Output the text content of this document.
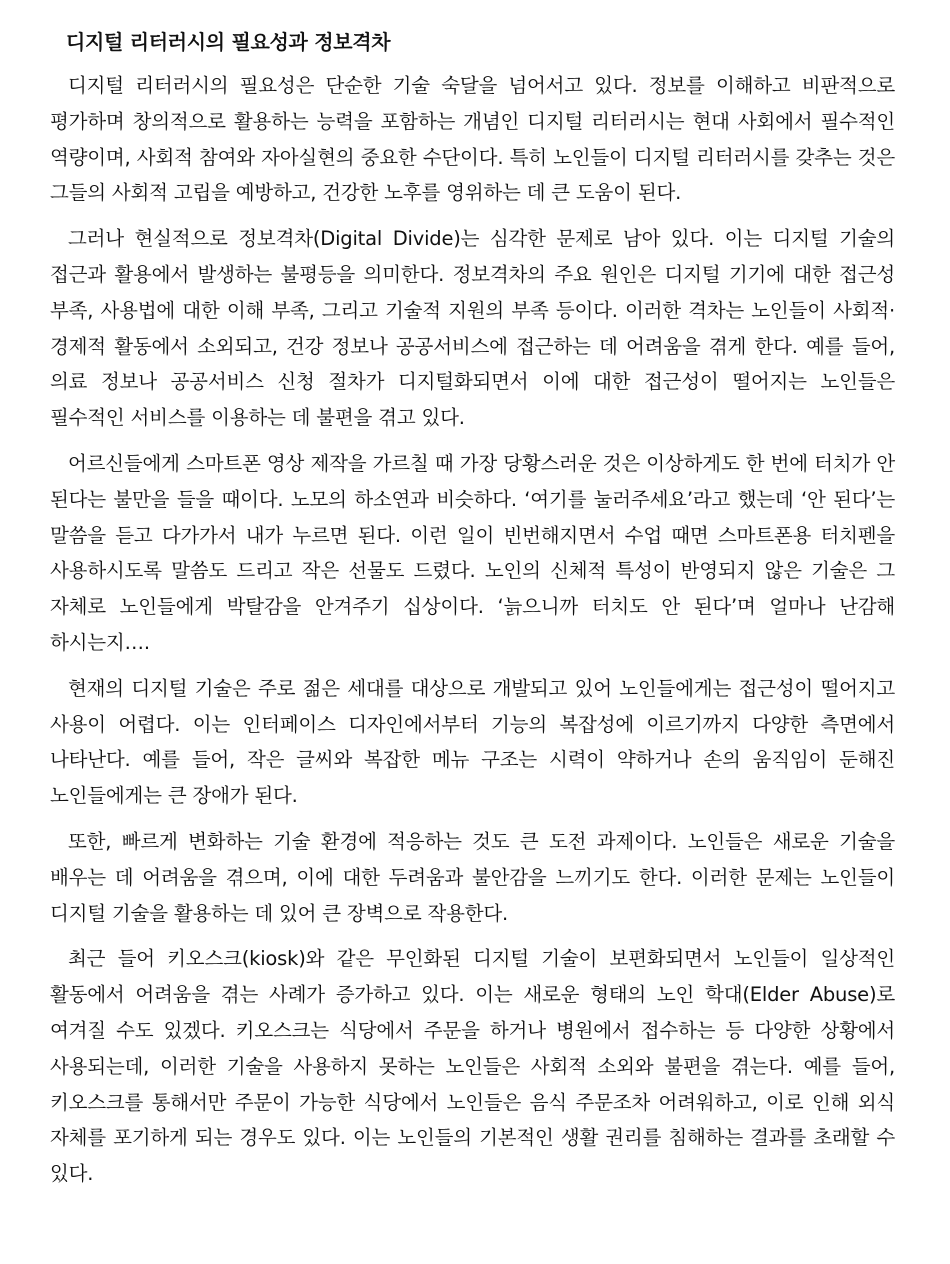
디지털 리터러시의 필요성과 정보격차

디지털 리터러시의 필요성은 단순한 기술 숙달을 넘어서고 있다. 정보를 이해하고 비판적으로 평가하며 창의적으로 활용하는 능력을 포함하는 개념인 디지털 리터러시는 현대 사회에서 필수적인 역량이며, 사회적 참여와 자아실현의 중요한 수단이다. 특히 노인들이 디지털 리터러시를 갖추는 것은 그들의 사회적 고립을 예방하고, 건강한 노후를 영위하는 데 큰 도움이 된다.

그러나 현실적으로 정보격차(Digital Divide)는 심각한 문제로 남아 있다. 이는 디지털 기술의 접근과 활용에서 발생하는 불평등을 의미한다. 정보격차의 주요 원인은 디지털 기기에 대한 접근성 부족, 사용법에 대한 이해 부족, 그리고 기술적 지원의 부족 등이다. 이러한 격차는 노인들이 사회적·경제적 활동에서 소외되고, 건강 정보나 공공서비스에 접근하는 데 어려움을 겪게 한다. 예를 들어, 의료 정보나 공공서비스 신청 절차가 디지털화되면서 이에 대한 접근성이 떨어지는 노인들은 필수적인 서비스를 이용하는 데 불편을 겪고 있다.

어르신들에게 스마트폰 영상 제작을 가르칠 때 가장 당황스러운 것은 이상하게도 한 번에 터치가 안 된다는 불만을 들을 때이다. 노모의 하소연과 비슷하다. ‘여기를 눌러주세요’라고 했는데 ‘안 된다’는 말씀을 듣고 다가가서 내가 누르면 된다. 이런 일이 빈번해지면서 수업 때면 스마트폰용 터치펜을 사용하시도록 말씀도 드리고 작은 선물도 드렸다. 노인의 신체적 특성이 반영되지 않은 기술은 그 자체로 노인들에게 박탈감을 안겨주기 십상이다. ‘늙으니까 터치도 안 된다’며 얼마나 난감해 하시는지….

현재의 디지털 기술은 주로 젊은 세대를 대상으로 개발되고 있어 노인들에게는 접근성이 떨어지고 사용이 어렵다. 이는 인터페이스 디자인에서부터 기능의 복잡성에 이르기까지 다양한 측면에서 나타난다. 예를 들어, 작은 글씨와 복잡한 메뉴 구조는 시력이 약하거나 손의 움직임이 둔해진 노인들에게는 큰 장애가 된다.

또한, 빠르게 변화하는 기술 환경에 적응하는 것도 큰 도전 과제이다. 노인들은 새로운 기술을 배우는 데 어려움을 겪으며, 이에 대한 두려움과 불안감을 느끼기도 한다. 이러한 문제는 노인들이 디지털 기술을 활용하는 데 있어 큰 장벽으로 작용한다.

최근 들어 키오스크(kiosk)와 같은 무인화된 디지털 기술이 보편화되면서 노인들이 일상적인 활동에서 어려움을 겪는 사례가 증가하고 있다. 이는 새로운 형태의 노인 학대(Elder Abuse)로 여겨질 수도 있겠다. 키오스크는 식당에서 주문을 하거나 병원에서 접수하는 등 다양한 상황에서 사용되는데, 이러한 기술을 사용하지 못하는 노인들은 사회적 소외와 불편을 겪는다. 예를 들어, 키오스크를 통해서만 주문이 가능한 식당에서 노인들은 음식 주문조차 어려워하고, 이로 인해 외식 자체를 포기하게 되는 경우도 있다. 이는 노인들의 기본적인 생활 권리를 침해하는 결과를 초래할 수 있다.
